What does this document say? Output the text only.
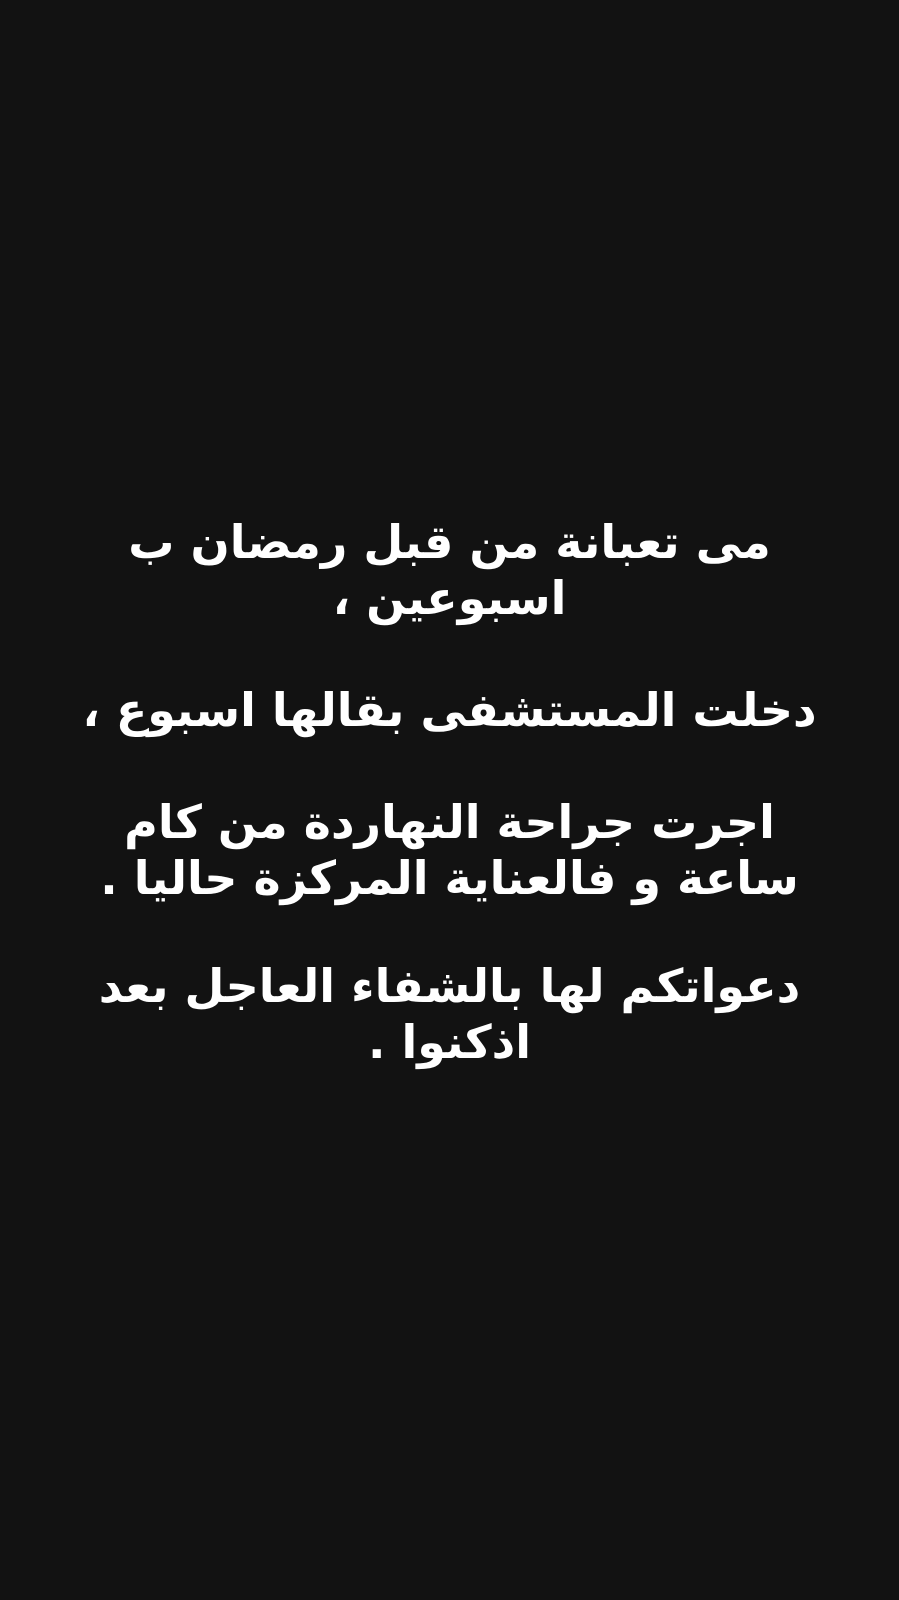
مى تعبانة من قبل رمضان ب اسبوعين ،

دخلت المستشفى بقالها اسبوع ،

اجرت جراحة النهاردة من كام ساعة و فالعناية المركزة حاليا .

دعواتكم لها بالشفاء العاجل بعد اذكنوا .
